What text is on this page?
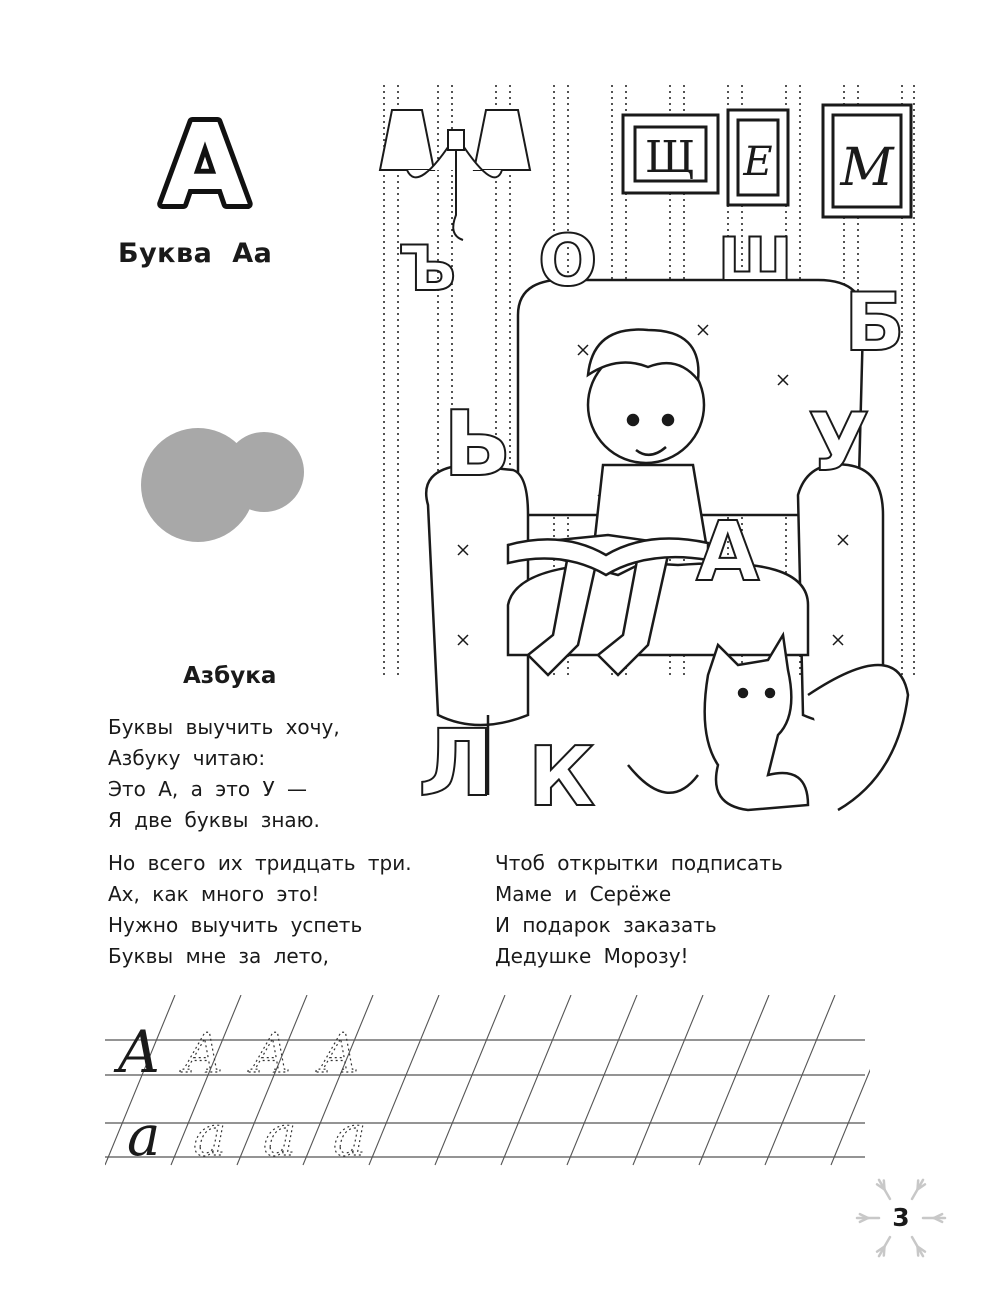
А
Буква Аа
Щ Е М
Б
О Ш
Ъ
Ь	У
А
Л К
Азбука
Буквы выучить хочу,
Азбуку читаю:
Это А, а это У —
Я две буквы знаю.
Но всего их тридцать три.
Ах, как много это!
Нужно выучить успеть
Буквы мне за лето,
Чтоб открытки подписать
Маме и Серёже
И подарок заказать
Дедушке Морозу!
А А А А
а а а а
3
